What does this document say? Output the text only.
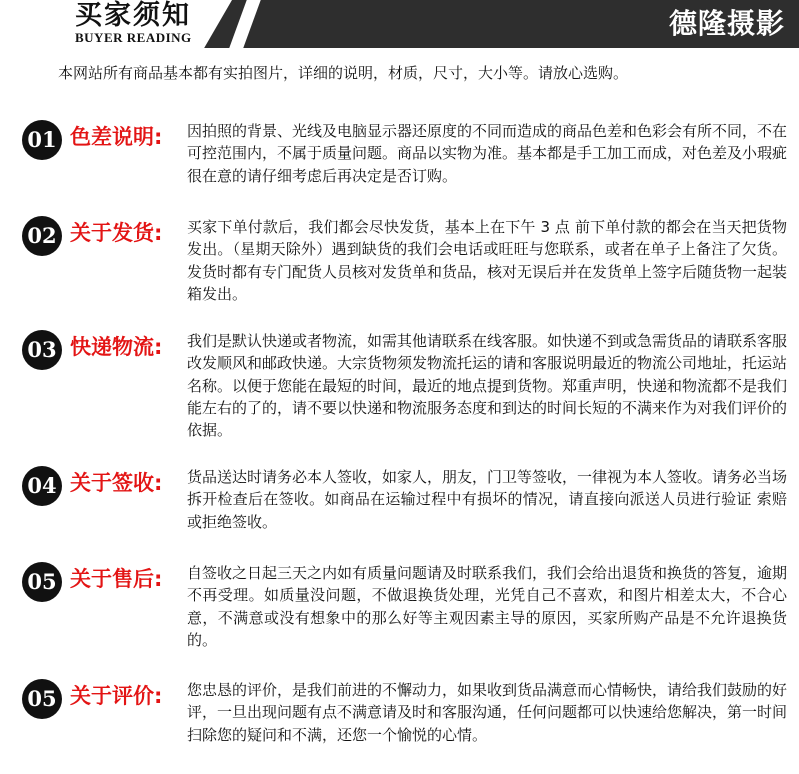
买家须知
BUYER READING	德隆摄影
本网站所有商品基本都有实拍图片，详细的说明，材质，尺寸，大小等。请放心选购。
01 色差说明: 因拍照的背景、光线及电脑显示器还原度的不同而造成的商品色差和色彩会有所不同，不在可控范围内，不属于质量问题。商品以实物为准。基本都是手工加工而成，对色差及小瑕疵很在意的请仔细考虑后再决定是否订购。
02 关于发货: 买家下单付款后，我们都会尽快发货，基本上在下午 3 点 前下单付款的都会在当天把货物发出。（星期天除外）遇到缺货的我们会电话或旺旺与您联系，或者在单子上备注了欠货。发货时都有专门配货人员核对发货单和货品，核对无误后并在发货单上签字后随货物一起装箱发出。
03 快递物流: 我们是默认快递或者物流，如需其他请联系在线客服。如快递不到或急需货品的请联系客服改发顺风和邮政快递。大宗货物须发物流托运的请和客服说明最近的物流公司地址，托运站名称。以便于您能在最短的时间，最近的地点提到货物。郑重声明，快递和物流都不是我们能左右的了的，请不要以快递和物流服务态度和到达的时间长短的不满来作为对我们评价的依据。
04 关于签收: 货品送达时请务必本人签收，如家人，朋友，门卫等签收，一律视为本人签收。请务必当场拆开检查后在签收。如商品在运输过程中有损坏的情况，请直接向派送人员进行验证 索赔或拒绝签收。
05 关于售后: 自签收之日起三天之内如有质量问题请及时联系我们，我们会给出退货和换货的答复，逾期不再受理。如质量没问题，不做退换货处理，光凭自己不喜欢，和图片相差太大，不合心意，不满意或没有想象中的那么好等主观因素主导的原因，买家所购产品是不允许退换货的。
05 关于评价: 您忠恳的评价，是我们前进的不懈动力，如果收到货品满意而心情畅快，请给我们鼓励的好评，一旦出现问题有点不满意请及时和客服沟通，任何问题都可以快速给您解决，第一时间扫除您的疑问和不满，还您一个愉悦的心情。
